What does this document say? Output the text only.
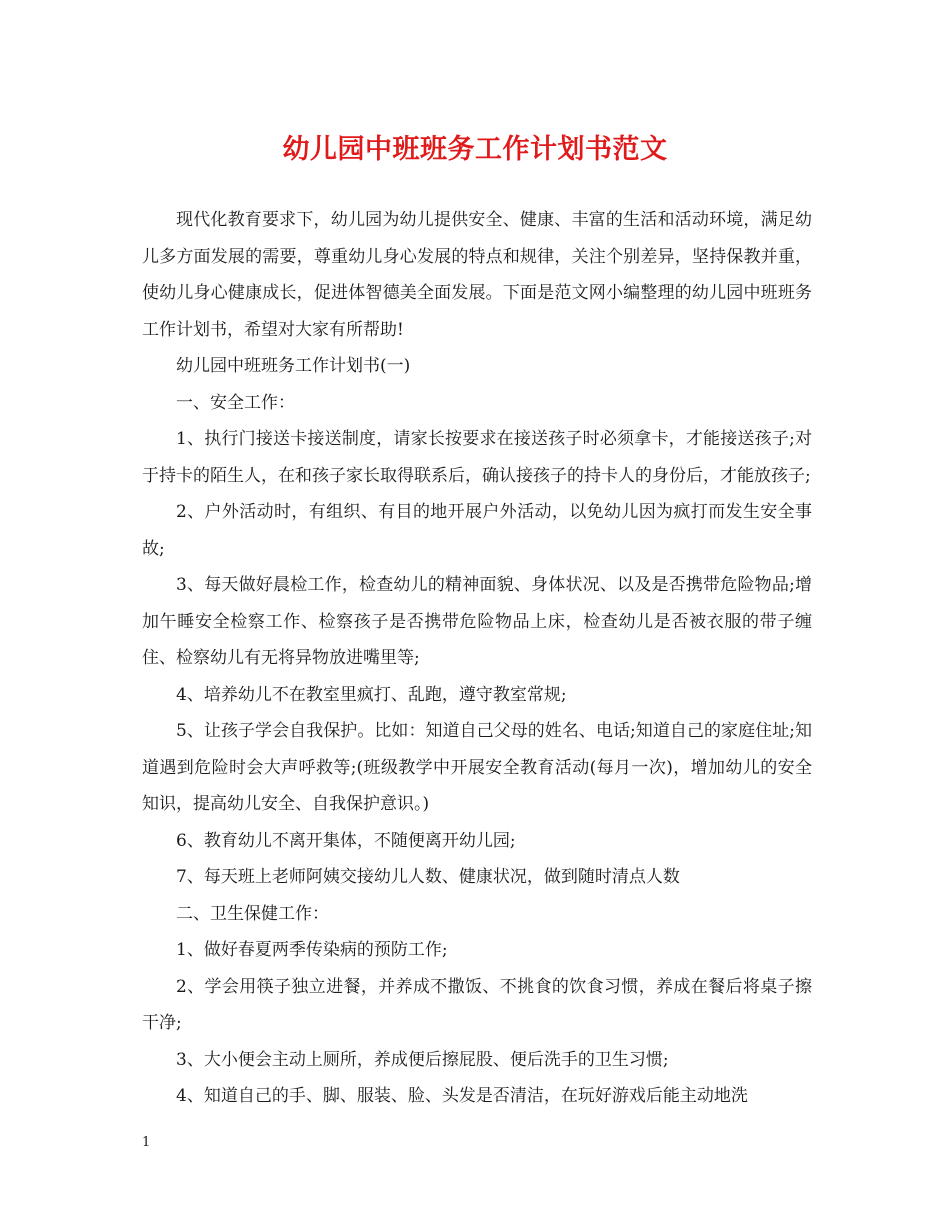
幼儿园中班班务工作计划书范文

现代化教育要求下，幼儿园为幼儿提供安全、健康、丰富的生活和活动环境，满足幼儿多方面发展的需要，尊重幼儿身心发展的特点和规律，关注个别差异，坚持保教并重，使幼儿身心健康成长，促进体智德美全面发展。下面是范文网小编整理的幼儿园中班班务工作计划书，希望对大家有所帮助!

幼儿园中班班务工作计划书(一)

一、安全工作：

1、执行门接送卡接送制度，请家长按要求在接送孩子时必须拿卡，才能接送孩子;对于持卡的陌生人，在和孩子家长取得联系后，确认接孩子的持卡人的身份后，才能放孩子;

2、户外活动时，有组织、有目的地开展户外活动，以免幼儿因为疯打而发生安全事故;

3、每天做好晨检工作，检查幼儿的精神面貌、身体状况、以及是否携带危险物品;增加午睡安全检察工作、检察孩子是否携带危险物品上床，检查幼儿是否被衣服的带子缠住、检察幼儿有无将异物放进嘴里等;

4、培养幼儿不在教室里疯打、乱跑，遵守教室常规;

5、让孩子学会自我保护。比如：知道自己父母的姓名、电话;知道自己的家庭住址;知道遇到危险时会大声呼救等;(班级教学中开展安全教育活动(每月一次)，增加幼儿的安全知识，提高幼儿安全、自我保护意识。)

6、教育幼儿不离开集体，不随便离开幼儿园;

7、每天班上老师阿姨交接幼儿人数、健康状况，做到随时清点人数

二、卫生保健工作：

1、做好春夏两季传染病的预防工作;

2、学会用筷子独立进餐，并养成不撒饭、不挑食的饮食习惯，养成在餐后将桌子擦干净;

3、大小便会主动上厕所，养成便后擦屁股、便后洗手的卫生习惯;

4、知道自己的手、脚、服装、脸、头发是否清洁，在玩好游戏后能主动地洗

1
